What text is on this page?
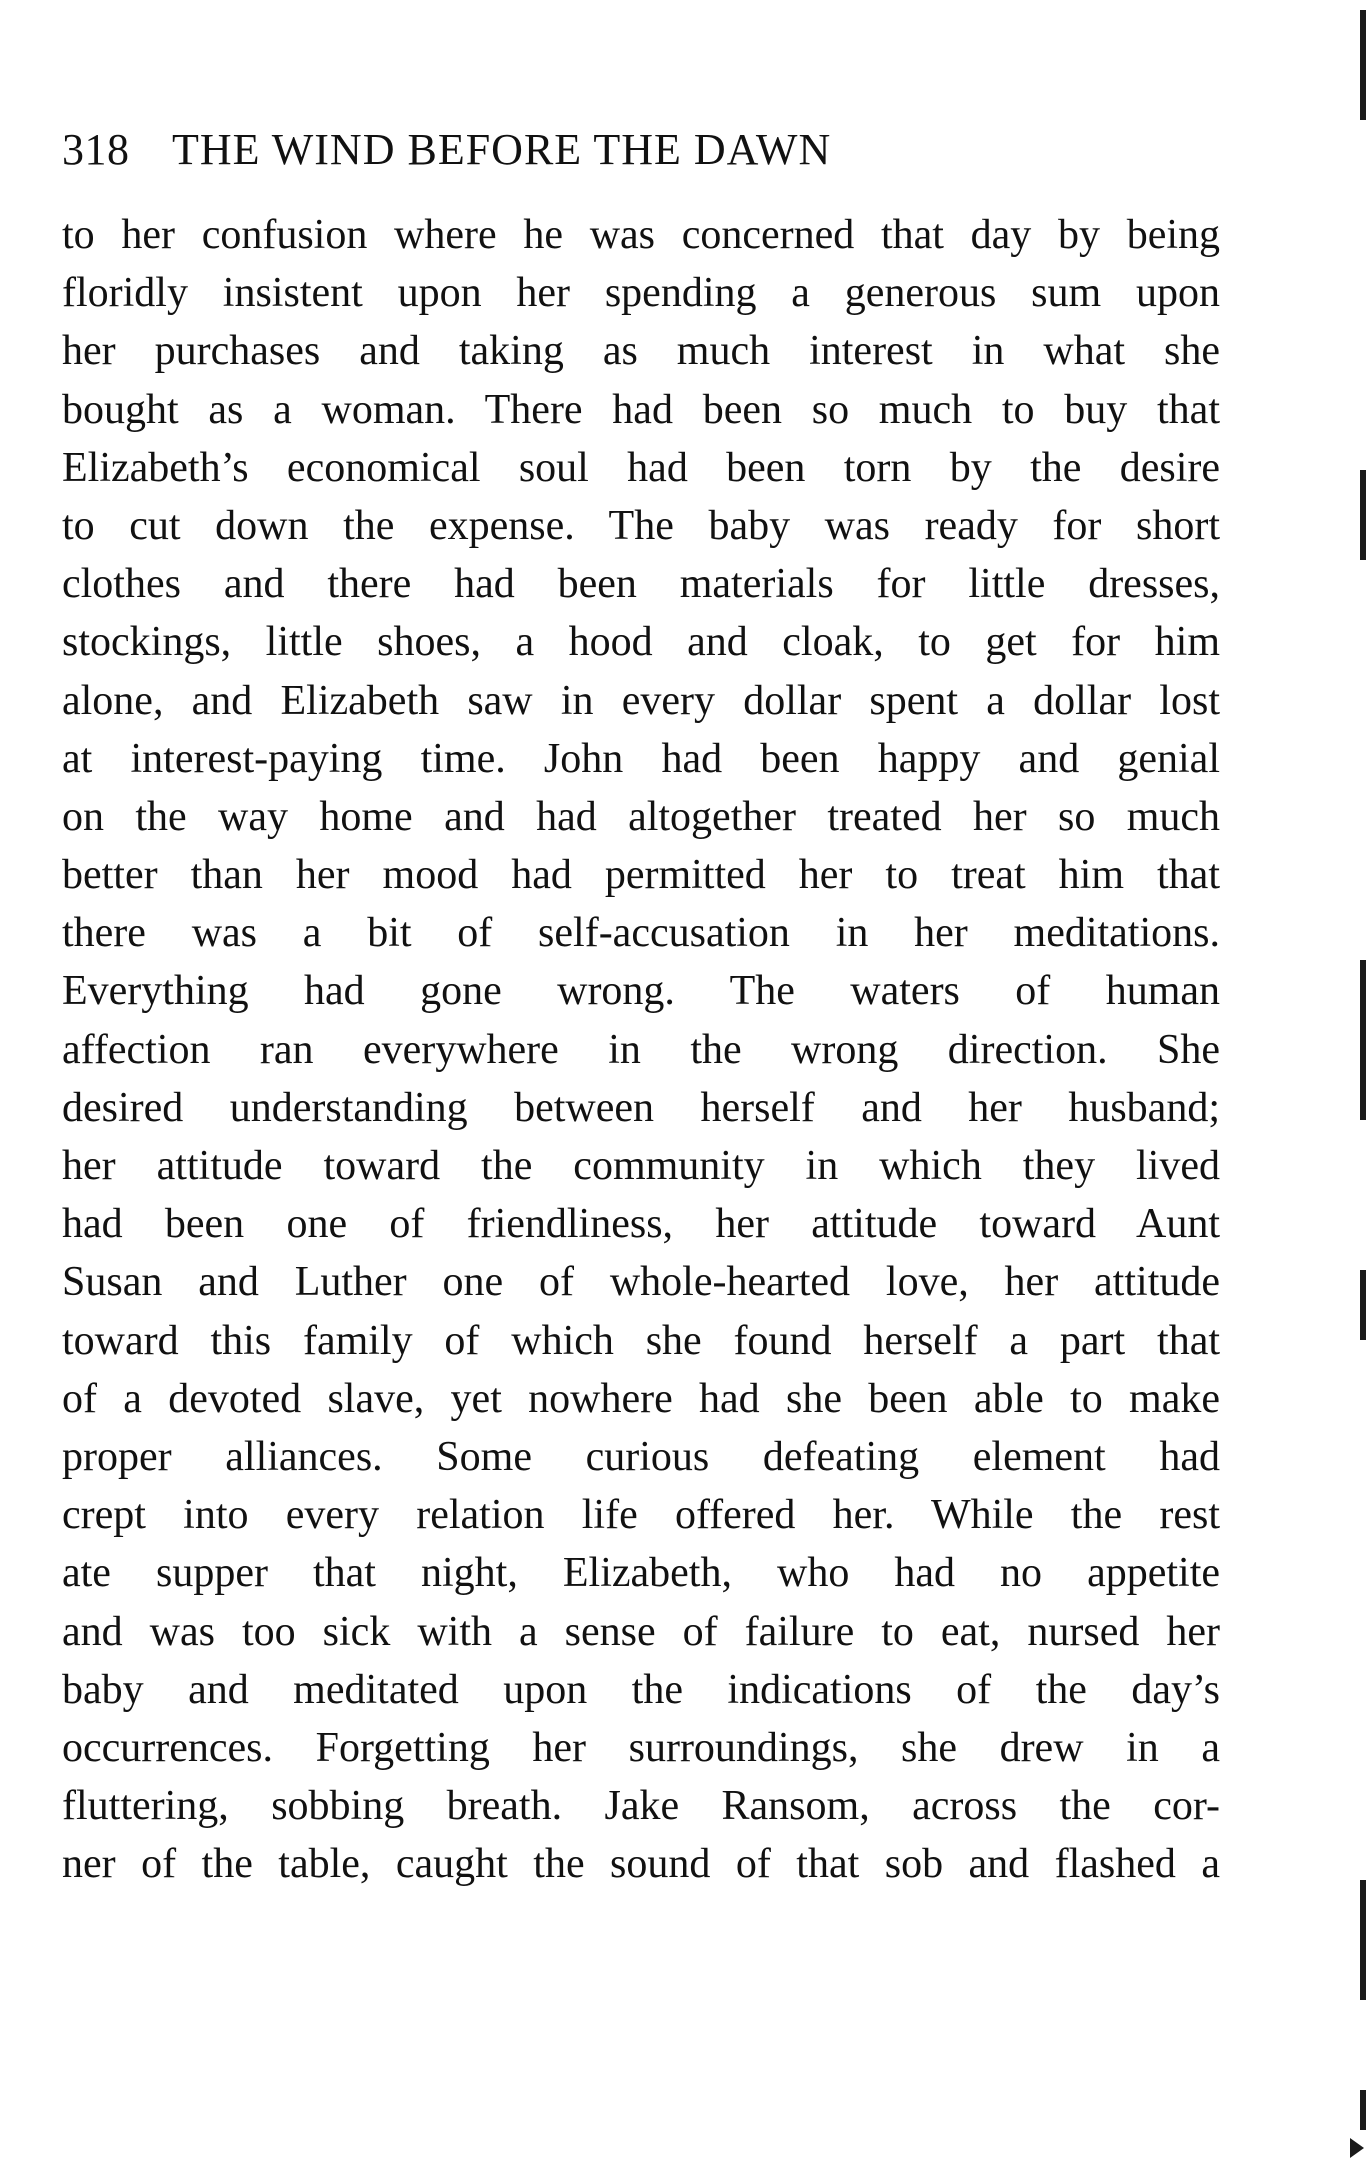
318 THE WIND BEFORE THE DAWN
to her confusion where he was concerned that day by being
floridly insistent upon her spending a generous sum upon
her purchases and taking as much interest in what she
bought as a woman. There had been so much to buy that
Elizabeth’s economical soul had been torn by the desire
to cut down the expense. The baby was ready for short
clothes and there had been materials for little dresses,
stockings, little shoes, a hood and cloak, to get for him
alone, and Elizabeth saw in every dollar spent a dollar lost
at interest-paying time. John had been happy and genial
on the way home and had altogether treated her so much
better than her mood had permitted her to treat him that
there was a bit of self-accusation in her meditations.
Everything had gone wrong. The waters of human
affection ran everywhere in the wrong direction. She
desired understanding between herself and her husband;
her attitude toward the community in which they lived
had been one of friendliness, her attitude toward Aunt
Susan and Luther one of whole-hearted love, her attitude
toward this family of which she found herself a part that
of a devoted slave, yet nowhere had she been able to make
proper alliances. Some curious defeating element had
crept into every relation life offered her. While the rest
ate supper that night, Elizabeth, who had no appetite
and was too sick with a sense of failure to eat, nursed her
baby and meditated upon the indications of the day’s
occurrences. Forgetting her surroundings, she drew in a
fluttering, sobbing breath. Jake Ransom, across the cor-
ner of the table, caught the sound of that sob and flashed a
